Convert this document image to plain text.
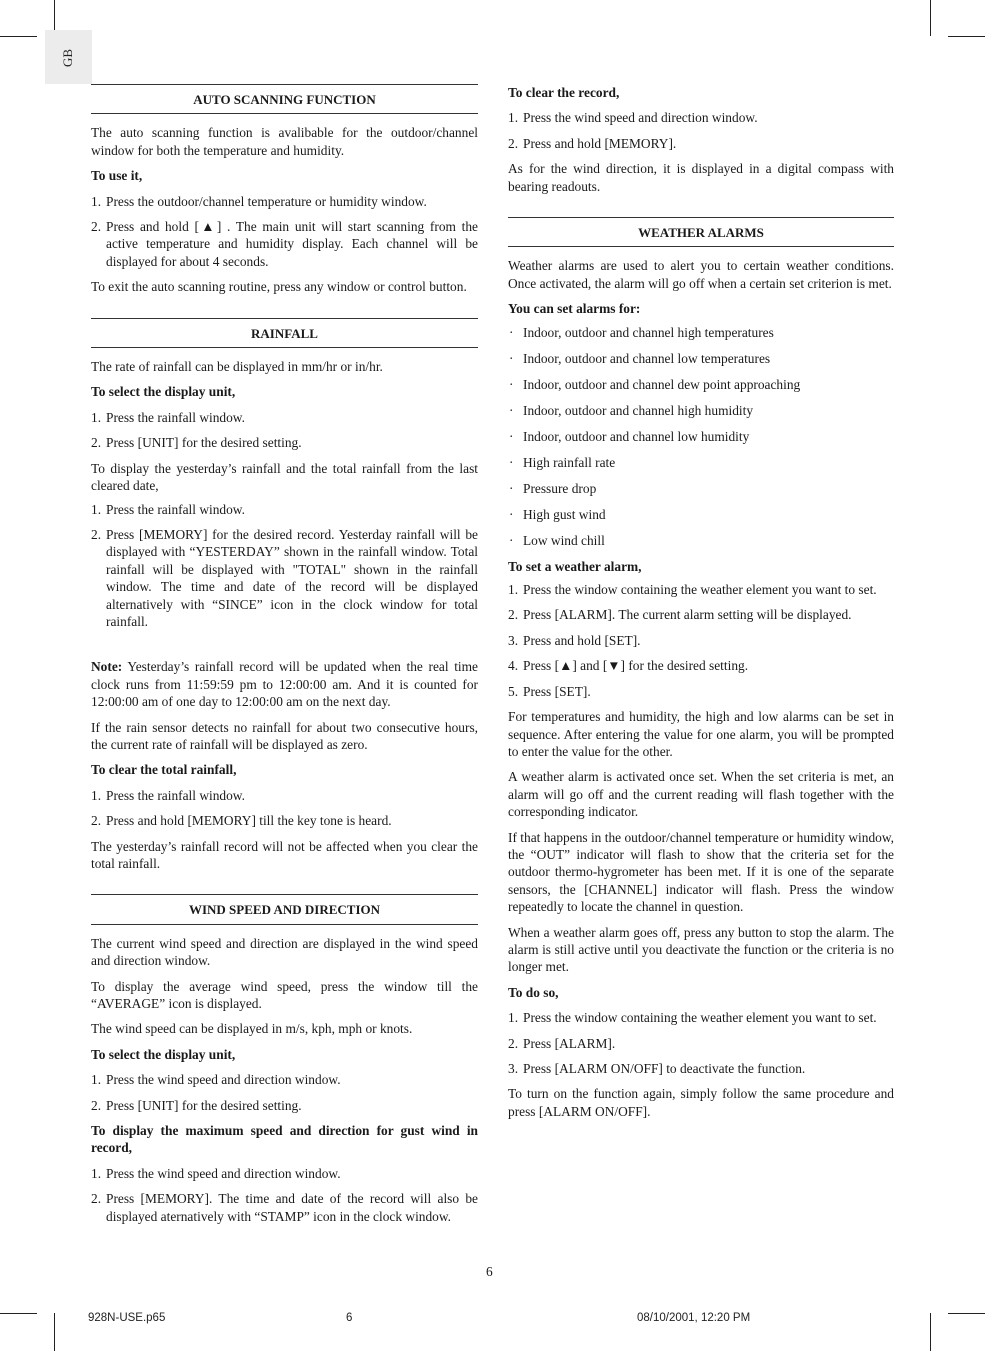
GB
AUTO SCANNING FUNCTION

The auto scanning function is avalibable for the outdoor/channel window for both the temperature and humidity.

To use it,

1. Press the outdoor/channel temperature or humidity window.
2. Press and hold [▲] . The main unit will start scanning from the active temperature and humidity display. Each channel will be displayed for about 4 seconds.

To exit the auto scanning routine, press any window or control button.

RAINFALL

The rate of rainfall can be displayed in mm/hr or in/hr.

To select the display unit,

1. Press the rainfall window.
2. Press [UNIT] for the desired setting.

To display the yesterday’s rainfall and the total rainfall from the last cleared date,

1. Press the rainfall window.
2. Press [MEMORY] for the desired record. Yesterday rainfall will be displayed with “YESTERDAY” shown in the rainfall window. Total rainfall will be displayed with "TOTAL" shown in the rainfall window. The time and date of the record will be displayed alternatively with “SINCE” icon in the clock window for total rainfall.

Note: Yesterday’s rainfall record will be updated when the real time clock runs from 11:59:59 pm to 12:00:00 am. And it is counted for 12:00:00 am of one day to 12:00:00 am on the next day.

If the rain sensor detects no rainfall for about two consecutive hours, the current rate of rainfall will be displayed as zero.

To clear the total rainfall,

1. Press the rainfall window.
2. Press and hold [MEMORY] till the key tone is heard.

The yesterday’s rainfall record will not be affected when you clear the total rainfall.

WIND SPEED AND DIRECTION

The current wind speed and direction are displayed in the wind speed and direction window.

To display the average wind speed, press the window till the “AVERAGE” icon is displayed.

The wind speed can be displayed in m/s, kph, mph or knots.

To select the display unit,

1. Press the wind speed and direction window.
2. Press [UNIT] for the desired setting.

To display the maximum speed and direction for gust wind in record,

1. Press the wind speed and direction window.
2. Press [MEMORY]. The time and date of the record will also be displayed aternatively with “STAMP” icon in the clock window.

To clear the record,

1. Press the wind speed and direction window.
2. Press and hold [MEMORY].

As for the wind direction, it is displayed in a digital compass with bearing readouts.

WEATHER ALARMS

Weather alarms are used to alert you to certain weather conditions. Once activated, the alarm will go off when a certain set criterion is met.

You can set alarms for:

· Indoor, outdoor and channel high temperatures
· Indoor, outdoor and channel low temperatures
· Indoor, outdoor and channel dew point approaching
· Indoor, outdoor and channel high humidity
· Indoor, outdoor and channel low humidity
· High rainfall rate
· Pressure drop
· High gust wind
· Low wind chill

To set a weather alarm,

1. Press the window containing the weather element you want to set.
2. Press [ALARM]. The current alarm setting will be displayed.
3. Press and hold [SET].
4. Press [▲] and [▼] for the desired setting.
5. Press [SET].

For temperatures and humidity, the high and low alarms can be set in sequence. After entering the value for one alarm, you will be prompted to enter the value for the other.

A weather alarm is activated once set. When the set criteria is met, an alarm will go off and the current reading will flash together with the corresponding indicator.

If that happens in the outdoor/channel temperature or humidity window, the “OUT” indicator will flash to show that the criteria set for the outdoor thermo-hygrometer has been met. If it is one of the separate sensors, the [CHANNEL] indicator will flash. Press the window repeatedly to locate the channel in question.

When a weather alarm goes off, press any button to stop the alarm. The alarm is still active until you deactivate the function or the criteria is no longer met.

To do so,

1. Press the window containing the weather element you want to set.
2. Press [ALARM].
3. Press [ALARM ON/OFF] to deactivate the function.

To turn on the function again, simply follow the same procedure and press [ALARM ON/OFF].

6
928N-USE.p65	6	08/10/2001, 12:20 PM
